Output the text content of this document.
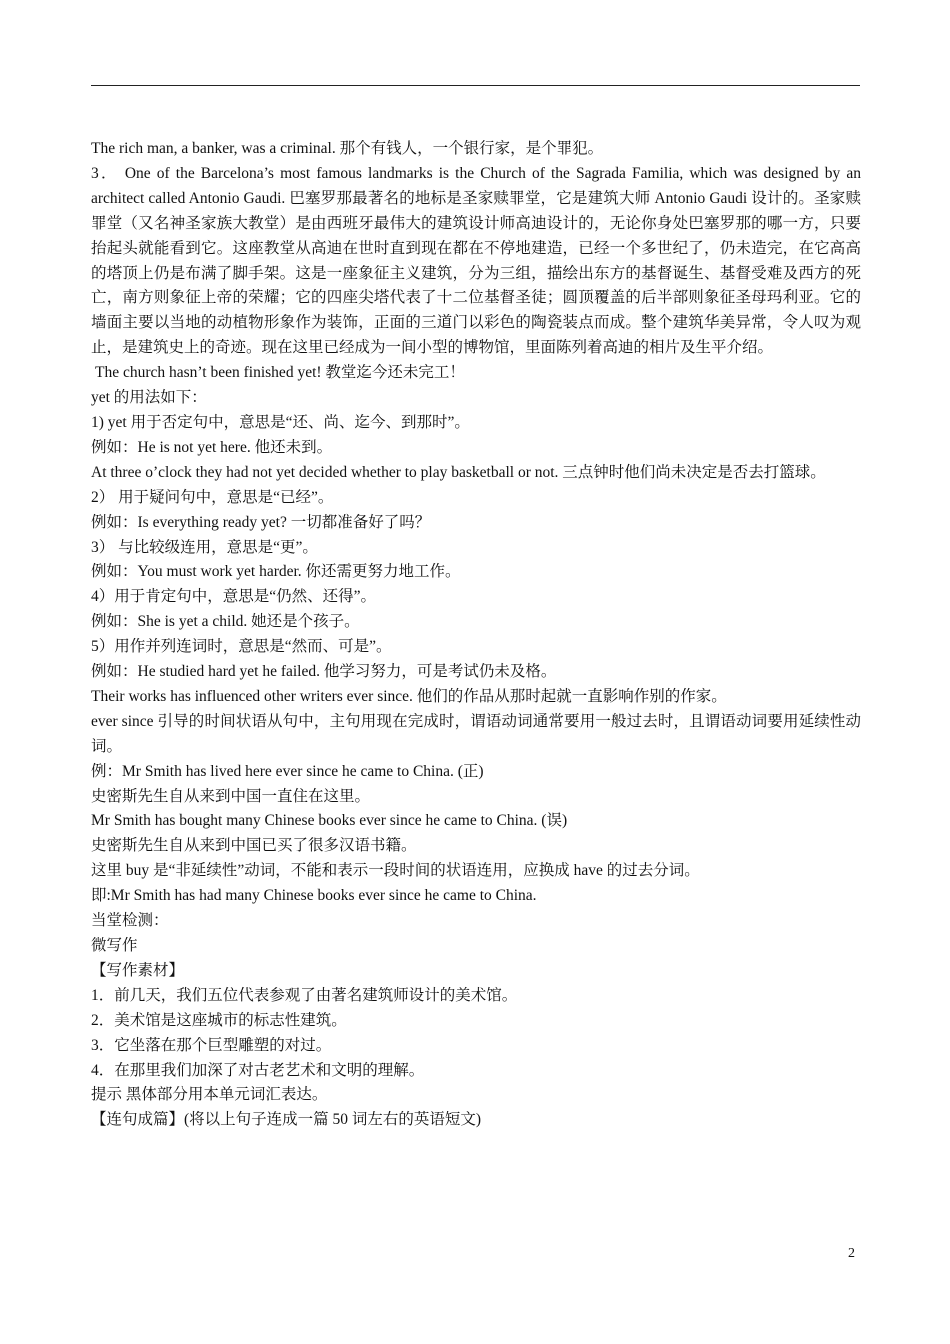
The rich man, a banker, was a criminal. 那个有钱人，一个银行家，是个罪犯。
3． One of the Barcelona’s most famous landmarks is the Church of the Sagrada Familia, which was designed by an architect called Antonio Gaudi. 巴塞罗那最著名的地标是圣家赎罪堂，它是建筑大师 Antonio Gaudi 设计的。圣家赎罪堂（又名神圣家族大教堂）是由西班牙最伟大的建筑设计师高迪设计的，无论你身处巴塞罗那的哪一方，只要抬起头就能看到它。这座教堂从高迪在世时直到现在都在不停地建造，已经一个多世纪了，仍未造完，在它高高的塔顶上仍是布满了脚手架。这是一座象征主义建筑，分为三组，描绘出东方的基督诞生、基督受难及西方的死亡，南方则象征上帝的荣耀；它的四座尖塔代表了十二位基督圣徒；圆顶覆盖的后半部则象征圣母玛利亚。它的墙面主要以当地的动植物形象作为装饰，正面的三道门以彩色的陶瓷装点而成。整个建筑华美异常，令人叹为观止，是建筑史上的奇迹。现在这里已经成为一间小型的博物馆，里面陈列着高迪的相片及生平介绍。
The church hasn’t been finished yet! 教堂迄今还未完工！
yet 的用法如下：
1) yet 用于否定句中，意思是“还、尚、迄今、到那时”。
例如：He is not yet here. 他还未到。
At three o’clock they had not yet decided whether to play basketball or not. 三点钟时他们尚未决定是否去打篮球。
2） 用于疑问句中，意思是“已经”。
例如：Is everything ready yet? 一切都准备好了吗？
3） 与比较级连用，意思是“更”。
例如：You must work yet harder. 你还需更努力地工作。
4）用于肯定句中，意思是“仍然、还得”。
例如：She is yet a child. 她还是个孩子。
5）用作并列连词时，意思是“然而、可是”。
例如：He studied hard yet he failed. 他学习努力，可是考试仍未及格。
Their works has influenced other writers ever since. 他们的作品从那时起就一直影响作别的作家。
ever since 引导的时间状语从句中，主句用现在完成时，谓语动词通常要用一般过去时，且谓语动词要用延续性动词。
例：Mr Smith has lived here ever since he came to China. (正)
史密斯先生自从来到中国一直住在这里。
Mr Smith has bought many Chinese books ever since he came to China. (误)
史密斯先生自从来到中国已买了很多汉语书籍。
这里 buy 是“非延续性”动词，不能和表示一段时间的状语连用，应换成 have 的过去分词。
即:Mr Smith has had many Chinese books ever since he came to China.
当堂检测：
微写作
【写作素材】
1．前几天，我们五位代表参观了由著名建筑师设计的美术馆。
2．美术馆是这座城市的标志性建筑。
3．它坐落在那个巨型雕塑的对过。
4．在那里我们加深了对古老艺术和文明的理解。
提示 黑体部分用本单元词汇表达。
【连句成篇】(将以上句子连成一篇 50 词左右的英语短文)
2
